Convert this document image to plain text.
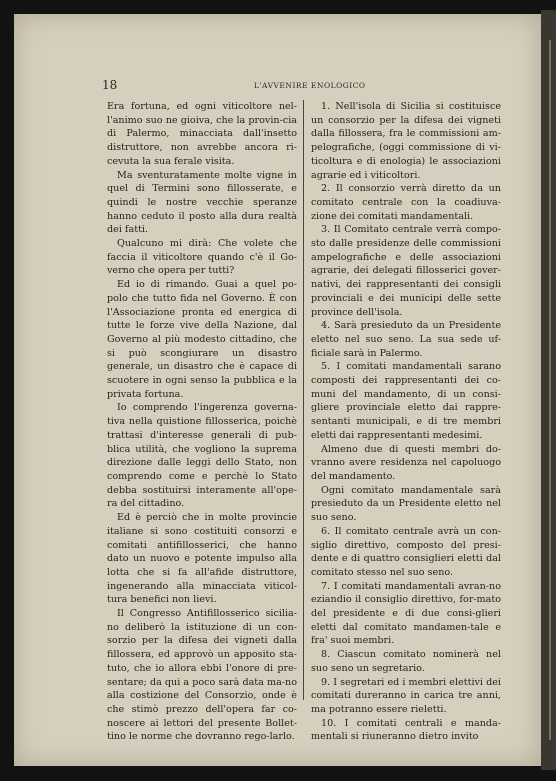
18	L'AVVENIRE ENOLOGICO

Era fortuna, ed ogni viticoltore nel-l'animo suo ne gioiva, che la provin-cia di Palermo, minacciata dall'insetto distruttore, non avrebbe ancora ri-cevuta la sua ferale visita.

Ma sventuratamente molte vigne in quel di Termini sono fillosserate, e quindi le nostre vecchie speranze hanno ceduto il posto alla dura realtà dei fatti.

Qualcuno mi dirà: Che volete che faccia il viticoltore quando c'è il Go-verno che opera per tutti?

Ed io di rimando. Guai a quel po-polo che tutto fida nel Governo. È con l'Associazione pronta ed energica di tutte le forze vive della Nazione, dal Governo al più modesto cittadino, che si può scongiurare un disastro generale, un disastro che è capace di scuotere in ogni senso la pubblica e la privata fortuna.

Io comprendo l'ingerenza governa-tiva nella quistione fillosserica, poichè trattasi d'interesse generali di pub-blica utilità, che vogliono la suprema direzione dalle leggi dello Stato, non comprendo come e perchè lo Stato debba sostituirsi interamente all'ope-ra del cittadino.

Ed è perciò che in molte provincie italiane si sono costituiti consorzi e comitati antifillosserici, che hanno dato un nuovo e potente impulso alla lotta che si fa all'afide distruttore, ingenerando alla minacciata viticol-tura benefici non lievi.

Il Congresso Antifillosserico sicilia-no deliberò la istituzione di un con-sorzio per la difesa dei vigneti dalla fillossera, ed approvò un apposito sta-tuto, che io allora ebbi l'onore di pre-sentare; da qui a poco sarà data ma-no alla costizione del Consorzio, onde è che stimò prezzo dell'opera far co-noscere ai lettori del presente Bollet-tino le norme che dovranno rego-larlo.

1. Nell'isola di Sicilia si costituisce un consorzio per la difesa dei vigneti dalla fillossera, fra le commissioni am-pelografiche, (oggi commissione di vi-ticoltura e di enologia) le associazioni agrarie ed i viticoltori.

2. Il consorzio verrà diretto da un comitato centrale con la coadiuva-zione dei comitati mandamentali.

3. Il Comitato centrale verrà compo-sto dalle presidenze delle commissioni ampelografiche e delle associazioni agrarie, dei delegati fillosserici gover-nativi, dei rappresentanti dei consigli provinciali e dei municipi delle sette province dell'isola.

4. Sarà presieduto da un Presidente eletto nel suo seno. La sua sede uf-ficiale sarà in Palermo.

5. I comitati mandamentali sarano composti dei rappresentanti dei co-muni del mandamento, di un consi-gliere provinciale eletto dai rappre-sentanti municipali, e di tre membri eletti dai rappresentanti medesimi.

Almeno due di questi membri do-vranno avere residenza nel capoluogo del mandamento.

Ogni comitato mandamentale sarà presieduto da un Presidente eletto nel suo seno.

6. Il comitato centrale avrà un con-siglio direttivo, composto del presi-dente e di quattro consiglieri eletti dal comitato stesso nel suo seno.

7. I comitati mandamentali avran-no eziandio il consiglio direttivo, for-mato del presidente e di due consi-glieri eletti dal comitato mandamen-tale e fra' suoi membri.

8. Ciascun comitato nominerà nel suo seno un segretario.

9. I segretari ed i membri elettivi dei comitati dureranno in carica tre anni, ma potranno essere rieletti.

10. I comitati centrali e manda-mentali si riuneranno dietro invito
